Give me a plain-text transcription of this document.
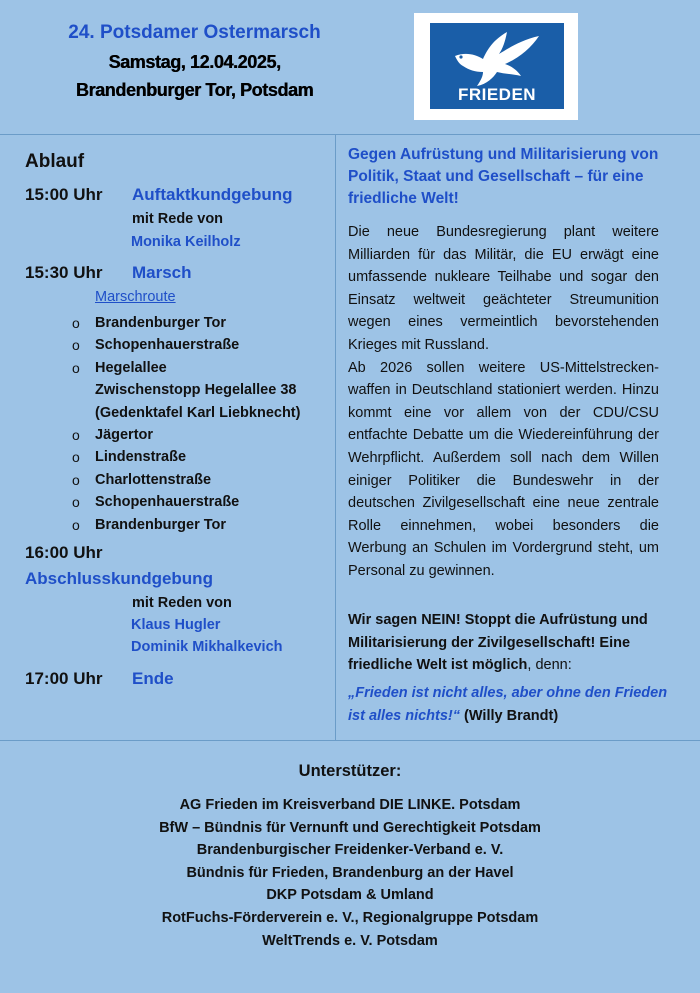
24. Potsdamer Ostermarsch
Samstag, 12.04.2025,
Brandenburger Tor, Potsdam	FRIEDEN
Ablauf
15:00 Uhr Auftaktkundgebung
mit Rede von
Monika Keilholz
15:30 Uhr Marsch
Marschroute
o Brandenburger Tor
o Schopenhauerstraße
o Hegelallee
Zwischenstopp Hegelallee 38
(Gedenktafel Karl Liebknecht)
o Jägertor
o Lindenstraße
o Charlottenstraße
o Schopenhauerstraße
o Brandenburger Tor
16:00 Uhr
Abschlusskundgebung
mit Reden von
Klaus Hugler
Dominik Mikhalkevich
17:00 Uhr Ende
Gegen Aufrüstung und Militarisierung von Politik, Staat und Gesellschaft – für eine friedliche Welt!

Die neue Bundesregierung plant weitere Milliarden für das Militär, die EU erwägt eine umfassende nukleare Teilhabe und sogar den Einsatz weltweit geächteter Streumunition wegen eines vermeintlich bevorstehenden Krieges mit Russland.

Ab 2026 sollen weitere US-Mittelstrecken-waffen in Deutschland stationiert werden. Hinzu kommt eine vor allem von der CDU/CSU entfachte Debatte um die Wiedereinführung der Wehrpflicht. Außerdem soll nach dem Willen einiger Politiker die Bundeswehr in der deutschen Zivilgesellschaft eine neue zentrale Rolle einnehmen, wobei besonders die Werbung an Schulen im Vordergrund steht, um Personal zu gewinnen.

Wir sagen NEIN! Stoppt die Aufrüstung und Militarisierung der Zivilgesellschaft! Eine friedliche Welt ist möglich, denn:
„Frieden ist nicht alles, aber ohne den Frieden ist alles nichts!“ (Willy Brandt)
Unterstützer:
AG Frieden im Kreisverband DIE LINKE. Potsdam
BfW – Bündnis für Vernunft und Gerechtigkeit Potsdam
Brandenburgischer Freidenker-Verband e. V.
Bündnis für Frieden, Brandenburg an der Havel
DKP Potsdam & Umland
RotFuchs-Förderverein e. V., Regionalgruppe Potsdam
WeltTrends e. V. Potsdam
